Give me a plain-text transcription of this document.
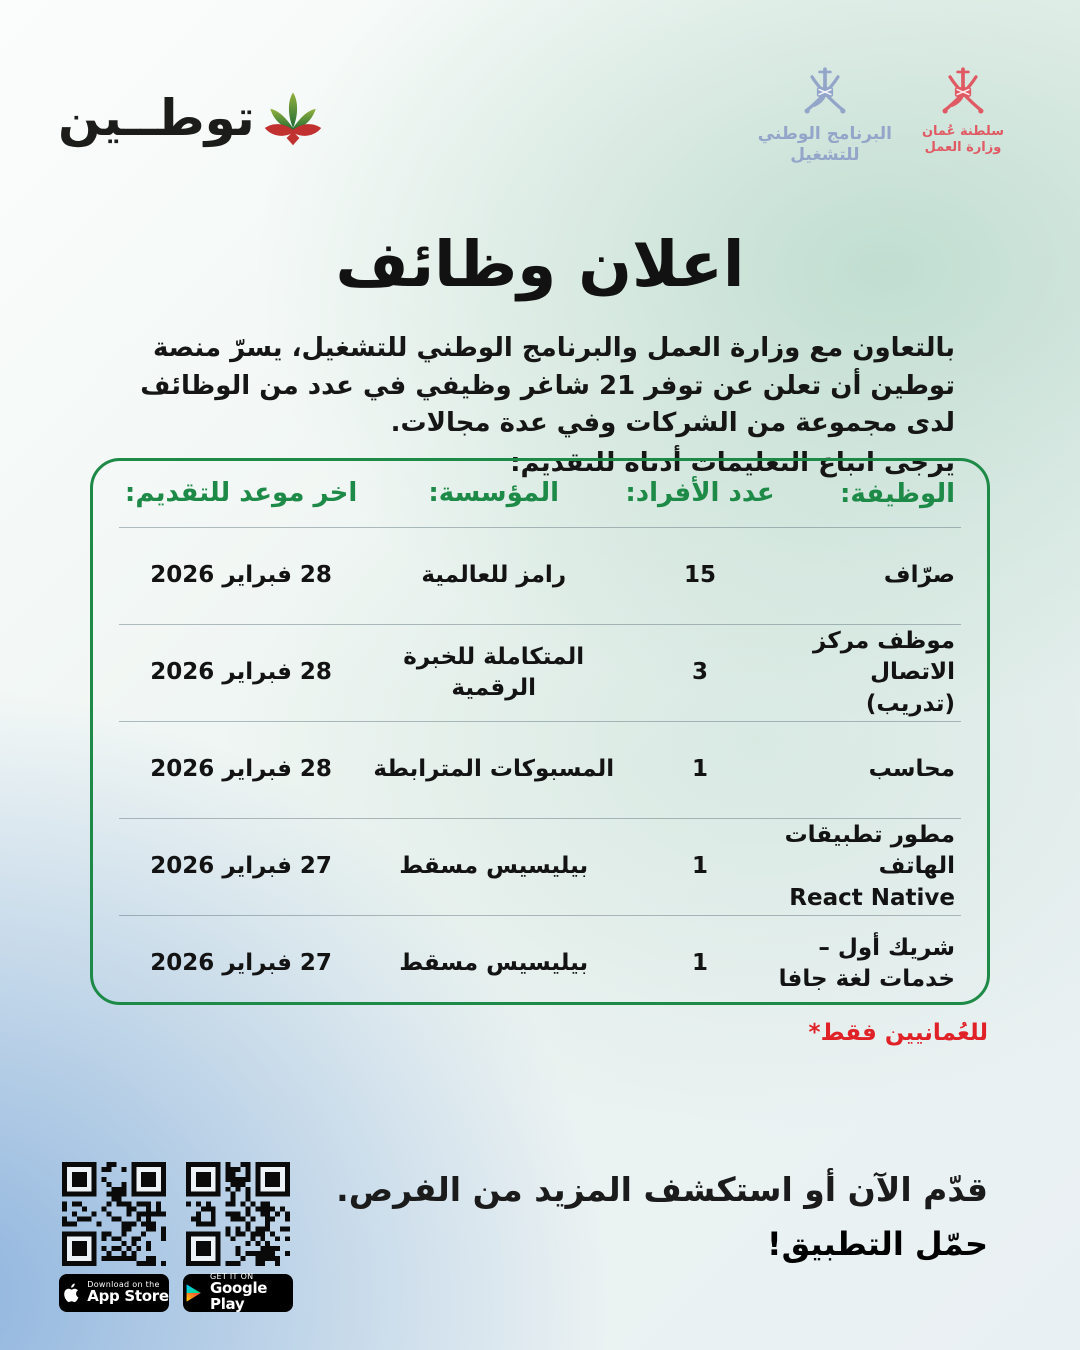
توطــين	البرنامج الوطني
للتشغيل
سلطنة عُمان
وزارة العمل
اعلان وظائف
بالتعاون مع وزارة العمل والبرنامج الوطني للتشغيل، يسرّ منصة توطين أن تعلن عن توفر 21 شاغر وظيفي في عدد من الوظائف لدى مجموعة من الشركات وفي عدة مجالات.
يرجى اتباع التعليمات أدناه للتقديم:
الوظيفة:
عدد الأفراد:
المؤسسة:
اخر موعد للتقديم:
صرّاف
15
رامز للعالمية
28 فبراير 2026
موظف مركز
الاتصال (تدريب)
3
المتكاملة للخبرة الرقمية
28 فبراير 2026
محاسب
1
المسبوكات المترابطة
28 فبراير 2026
مطور تطبيقات الهاتف
React Native
1
بيليسيس مسقط
27 فبراير 2026
شريك أول –
خدمات لغة جافا
1
بيليسيس مسقط
27 فبراير 2026
للعُمانيين فقط*
قدّم الآن أو استكشف المزيد من الفرص.
حمّل التطبيق!
Download on the
App Store
GET IT ON
Google Play
